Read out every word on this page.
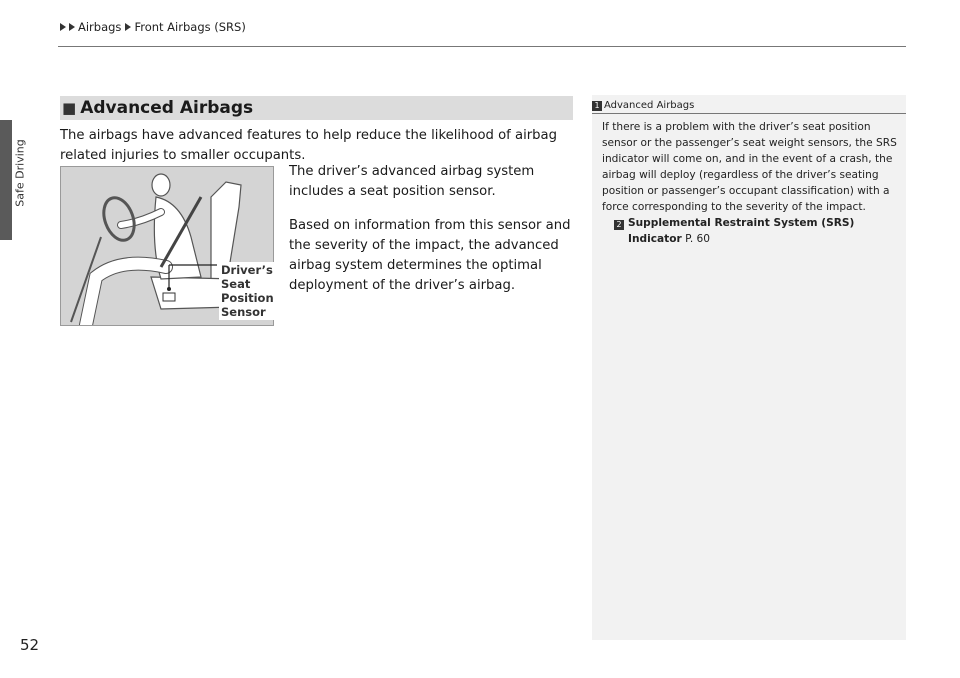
Safe Driving
Airbags Front Airbags (SRS)
■ Advanced Airbags
The airbags have advanced features to help reduce the likelihood of airbag related injuries to smaller occupants.
Driver’s
Seat
Position
Sensor

The driver’s advanced airbag system includes a seat position sensor.

Based on information from this sensor and the severity of the impact, the advanced airbag system determines the optimal deployment of the driver’s airbag.

1 Advanced Airbags
If there is a problem with the driver’s seat position sensor or the passenger’s seat weight sensors, the SRS indicator will come on, and in the event of a crash, the airbag will deploy (regardless of the driver’s seating position or passenger’s occupant classification) with a force corresponding to the severity of the impact.
2 Supplemental Restraint System (SRS)
Indicator P. 60
52
